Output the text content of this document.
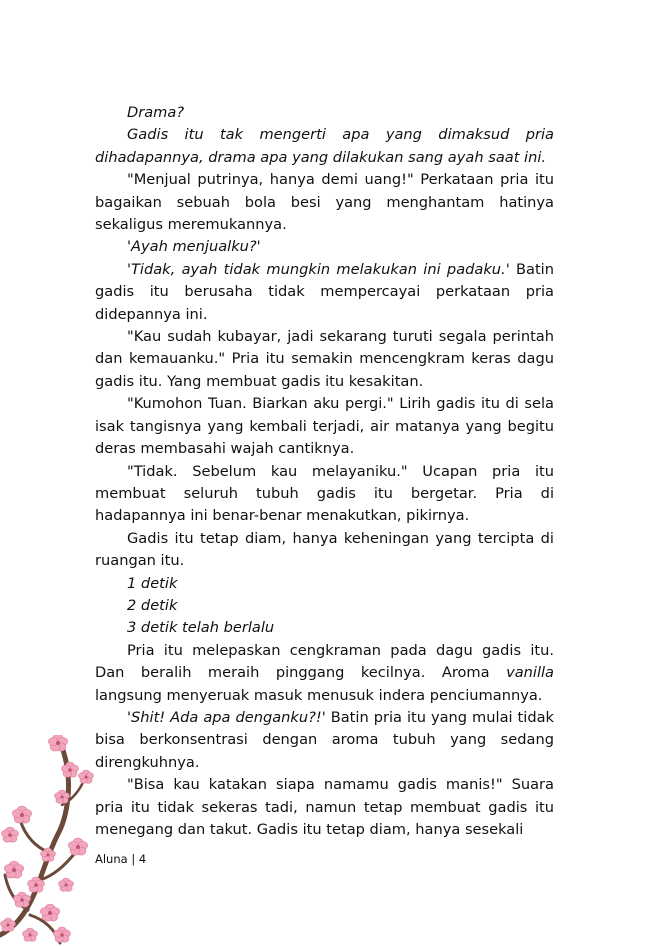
Drama?

Gadis itu tak mengerti apa yang dimaksud pria dihadapannya, drama apa yang dilakukan sang ayah saat ini.

"Menjual putrinya, hanya demi uang!" Perkataan pria itu bagaikan sebuah bola besi yang menghantam hatinya sekaligus meremukannya.

'Ayah menjualku?'

'Tidak, ayah tidak mungkin melakukan ini padaku.' Batin gadis itu berusaha tidak mempercayai perkataan pria didepannya ini.

"Kau sudah kubayar, jadi sekarang turuti segala perintah dan kemauanku." Pria itu semakin mencengkram keras dagu gadis itu. Yang membuat gadis itu kesakitan.

"Kumohon Tuan. Biarkan aku pergi." Lirih gadis itu di sela isak tangisnya yang kembali terjadi, air matanya yang begitu deras membasahi wajah cantiknya.

"Tidak. Sebelum kau melayaniku." Ucapan pria itu membuat seluruh tubuh gadis itu bergetar. Pria di hadapannya ini benar-benar menakutkan, pikirnya.

Gadis itu tetap diam, hanya keheningan yang tercipta di ruangan itu.

1 detik

2 detik

3 detik telah berlalu

Pria itu melepaskan cengkraman pada dagu gadis itu. Dan beralih meraih pinggang kecilnya. Aroma vanilla langsung menyeruak masuk menusuk indera penciumannya.

'Shit! Ada apa denganku?!' Batin pria itu yang mulai tidak bisa berkonsentrasi dengan aroma tubuh yang sedang direngkuhnya.

"Bisa kau katakan siapa namamu gadis manis!" Suara pria itu tidak sekeras tadi, namun tetap membuat gadis itu menegang dan takut. Gadis itu tetap diam, hanya sesekali

Aluna | 4
